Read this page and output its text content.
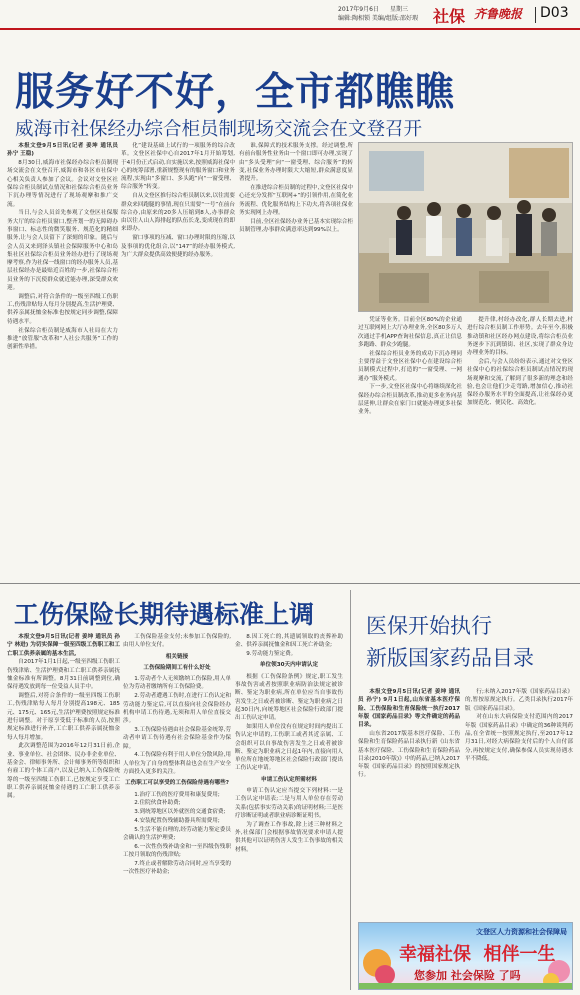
2017年9月6日 星期三
编辑:陶相锁 美编/组版:邵好瑕 社保 齐鲁晚报 D03
服务好不好，全市都瞧瞧
威海市社保经办综合柜员制现场交流会在文登召开

本报文登9月5日讯(记者 姜坤 通讯员 孙宁 王稳)

8月30日,威海市社保经办综合柜员制现场交流会在文登召开,威海市和各区市社保中心相关负责人参加了会议。会议对文登区社保综合柜员制试点情况和社保综合柜员业务下沉办理等情况进行了现场观摩和推广交流。

当日,与会人员首先参观了文登区社保服务大厅的综合柜员窗口,整齐划一的无障碍办事窗口、标志性的微笑服务、规范化的精细服务,让与会人员留下了深刻的印象。随后与会人员又来到泽头镇社会保障服务中心和岛集社区社保综合柜员业务经办进行了现场观摩考察,作为社保一线窗口的经办服务人员,基层社保经办是最贴近百姓的一步,社保综合柜员业务的下沉使群众就近能办理,深受群众欢迎。

调整后,对符合条件的一级至四级工伤职工,伤残津贴每人每月分别提高,生活护理费、供养亲属抚恤金标准也按规定同步调整,保障待遇水平。

社保综合柜员制是威海市人社局在大力推进“放管服”改革和“人社公共服务”工作的创新性举措。

化”建设基础上试行的一项服务的综合改革。文登区社保中心自2017年1月开始筹划,于4月份正式启动,自实施以来,按照威海社保中心的统筹部署,重新规整现有的服务窗口和业务流程,实现由“多窗口、多头跑”向“一窗受理、综合服务”转变。

自从文登区推行综合柜员制以来,以往需要群众来回跑腿的事情,现在只需要“一号”在前台综合办,由原来的20多人压缩到8人,办事群众由以往人山人海排起的队伍长龙,变成现在的即来即办。

窗口事项的压减、窗口办理时限的压缩,以及事项的优化组合,以“147”的经办服务模式,为广大群众提供高效便捷的经办服务。

谁,保障式的技术服务支撑。经过调整,所有前台服务性业务由一个窗口即可办理,实现了由“多头受理”向“一窗受理、综合服务”的转变,社保业务办理时限大大缩短,群众满意度显著提升。

在推进综合柜员制的过程中,文登区社保中心还充分发挥“互联网+”的引领作用,在简化业务流程、优化服务结构上下功夫,将各项社保业务实现网上办理。

目前,全区社保经办业务已基本实现综合柜员制管理,办事群众满意率达到99%以上。

凭证等业务。目前全区80%的企业通过互联网网上大厅办理业务,全区80多万人次通过手机APP查询社保信息,真正让信息多跑路、群众少跑腿。

社保综合柜员业务的成功下沉办理同主要得益于文登区社保中心在建设综合柜员制模式过程中,打造的“一窗受理、一网通办”服务模式。

下一步,文登区社保中心将继续深化社保经办综合柜员制改革,推动更多业务向基层延伸,让群众在家门口就能办理更多社保业务。

提升律,村经办改化,群人长期去进,村进行综合柜员制工作形势。去年至今,积极推动镇和社区经办网点建设,将综合柜员业务逐步下沉到镇街、社区,实现了群众身边办理业务的目标。

会后,与会人员纷纷表示,通过对文登区社保中心的社保综合柜员制试点情况的现场观摩和交流,了解到了很多新的理念和经验,也会让他们少走弯路,增加信心,推动社保经办服务水平的全面提高,让社保经办更加规范化、便民化、高效化。

工伤保险长期待遇标准上调

本报文登9月5日讯(记者 姜坤 通讯员 孙宁 林进) 为切实保障一级至四级工伤职工和工亡职工供养亲属的基本生活,

自2017年1月1日起,一级至四级工伤职工伤残津贴、生活护理费和工亡职工供养亲属抚恤金标准有所调整。8月31日前调整到位,确保待遇发放到每一位受益人员手中。

调整后,对符合条件的一级至四级工伤职工,伤残津贴每人每月分别提高198元、185元、175元、165元,生活护理费按照规定标准进行调整。对于原享受低于标准的人员,按照规定标准进行补齐,工亡职工供养亲属抚恤金每人每月增加。

此次调整范围为2016年12月31日前,企业、事业单位、社会团体、民办非企业单位、基金会、律师事务所、会计师事务所等组织和有雇工的个体工商户,以及已纳入工伤保险统筹的一级至四级工伤职工,已按规定享受工亡职工供养亲属抚恤金待遇的工亡职工供养亲属。

工伤保险基金支付;未参加工伤保险的,由用人单位支付。

相关链接

工伤保险期间工有什么好处

1.劳动者个人无须缴纳工伤保险,用人单位为劳动者缴纳所有工伤保险费。

2.劳动者遭遇工伤时,在进行工伤认定和劳动能力鉴定后,可以直接向社会保险经办机构申请工伤待遇,无须和用人单位直接交涉。

3.工伤保险待遇由社会保险基金统筹,劳动者申请工伤待遇有社会保险基金作为保障。

4.工伤保险有利于用人单位分散风险,用人单位为了自身的整体利益也会在生产安全方面投入更多的关注。

工伤职工可以享受的工伤保险待遇有哪些?

1.治疗工伤的医疗费用和康复费用;

2.住院伙食补助费;

3.到统筹地区以外就医的交通食宿费;

4.安装配置伤残辅助器具所需费用;

5.生活不能自理的,经劳动能力鉴定委员会确认的生活护理费;

6.一次性伤残补助金和一至四级伤残职工按月领取的伤残津贴;

7.终止或者解除劳动合同时,应当享受的一次性医疗补助金;

8.因工死亡的,其遗属领取的丧葬补助金、供养亲属抚恤金和因工死亡补助金;

9.劳动能力鉴定费。

单位领30天内申请认定

根据《工伤保险条例》规定,职工发生事故伤害或者按照职业病防治法规定被诊断、鉴定为职业病,所在单位应当自事故伤害发生之日或者被诊断、鉴定为职业病之日起30日内,向统筹地区社会保险行政部门提出工伤认定申请。

如果用人单位没有在规定时间内提出工伤认定申请的,工伤职工或者其近亲属、工会组织可以自事故伤害发生之日或者被诊断、鉴定为职业病之日起1年内,直接向用人单位所在地统筹地区社会保险行政部门提出工伤认定申请。

申请工伤认定所需材料

申请工伤认定应当提交下列材料:一是工伤认定申请表;二是与用人单位存在劳动关系(包括事实劳动关系)的证明材料;三是医疗诊断证明或者职业病诊断证明书。

为了调查工作事故,除上述三种材料之外,社保部门会根据事故情况要求申请人提供其他可以证明伤害人发生工伤事故的相关材料。

医保开始执行
新版国家药品目录

本报文登9月5日讯(记者 姜坤 通讯员 孙宁) 9月1日起,山东省基本医疗保险、工伤保险和生育保险统一执行2017年版《国家药品目录》等文件确定的药品目录。

山东省2017版基本医疗保险、工伤保险和生育保险药品目录执行新《山东省基本医疗保险、工伤保险和生育保险药品目录(2010年版)》中的药品,已纳入2017年版《国家药品目录》的按照国家规定执行。

行;未纳入2017年版《国家药品目录》的,暂按原规定执行。乙类目录执行2017年版《国家药品目录》。

对在山东大病保险支付范围内的2017年版《国家药品目录》中确定的36种谈判药品,在全省统一按照规定执行,至2017年12月31日,对经大病保险支付后的个人自付部分,再按规定支付,确保参保人员实现待遇水平不降低。

文登区人力资源和社会保障局
幸福社保  相伴一生
您参加 社会保险 了吗
